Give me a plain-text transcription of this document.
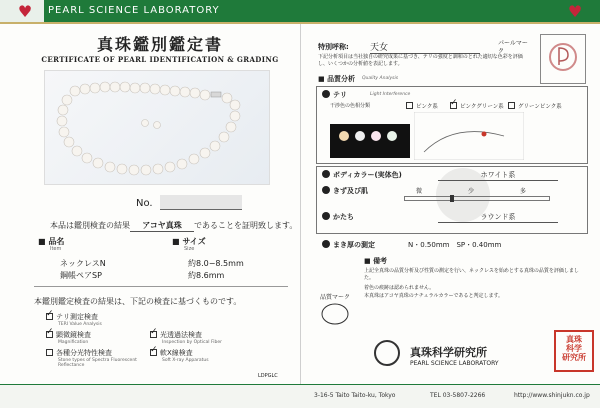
♥	♥
PEARL SCIENCE LABORATORY
真珠鑑別鑑定書
CERTIFICATE OF PEARL IDENTIFICATION & GRADING
No.
本品は鑑別検査の結果 アコヤ真珠 であることを証明致します。
■ 品名
Item
■ サイズ
Size
ネックレスN	約8.0−8.5mm
鋼帳ペアSP	約8.6mm
本鑑別鑑定検査の結果は、下記の検査に基づくものです。
✓テリ測定検査
TERI Value Analysis
✓光透過法検査
Inspection by Optical Fiber
✓顕微鏡検査
Magnification
✓軟X線検査
Soft X-ray Apparatus
各種分光特性検査
Stone types of Spectra Fluorescent Reflectance
LDPGLC
特別呼称: 天女	パールマーク
下記分析項目は当社独自の研究成果に基づき、テリの強度と調和のとれた適切な色彩を評価し、いくつかの分析値を表記します。
■ 品質分析 Quality Analysis
テリ	Light Interference
干渉色の色相分類	ピンク系
✓	ピンクグリーン系	グリーンピンク系
ボディカラー(実体色)	ホワイト系
きず及び肌	微	少	多
かたち	ラウンド系
まき厚の測定	N・0.50mm　SP・0.40mm
■ 備考
上記全真珠の品質分析及び性質の測定を行い、ネックレスを始めとする真珠の品質を評価しました。
着色の痕跡は認められません。
本真珠はアコヤ真珠のナチュラルカラーであると判定します。
品質マーク
真珠科学研究所
PEARL SCIENCE LABORATORY
真珠
科学
研究所
3-16-5 Taito Taito-ku, Tokyo	TEL 03-5807-2266	http://www.shinjukn.co.jp
